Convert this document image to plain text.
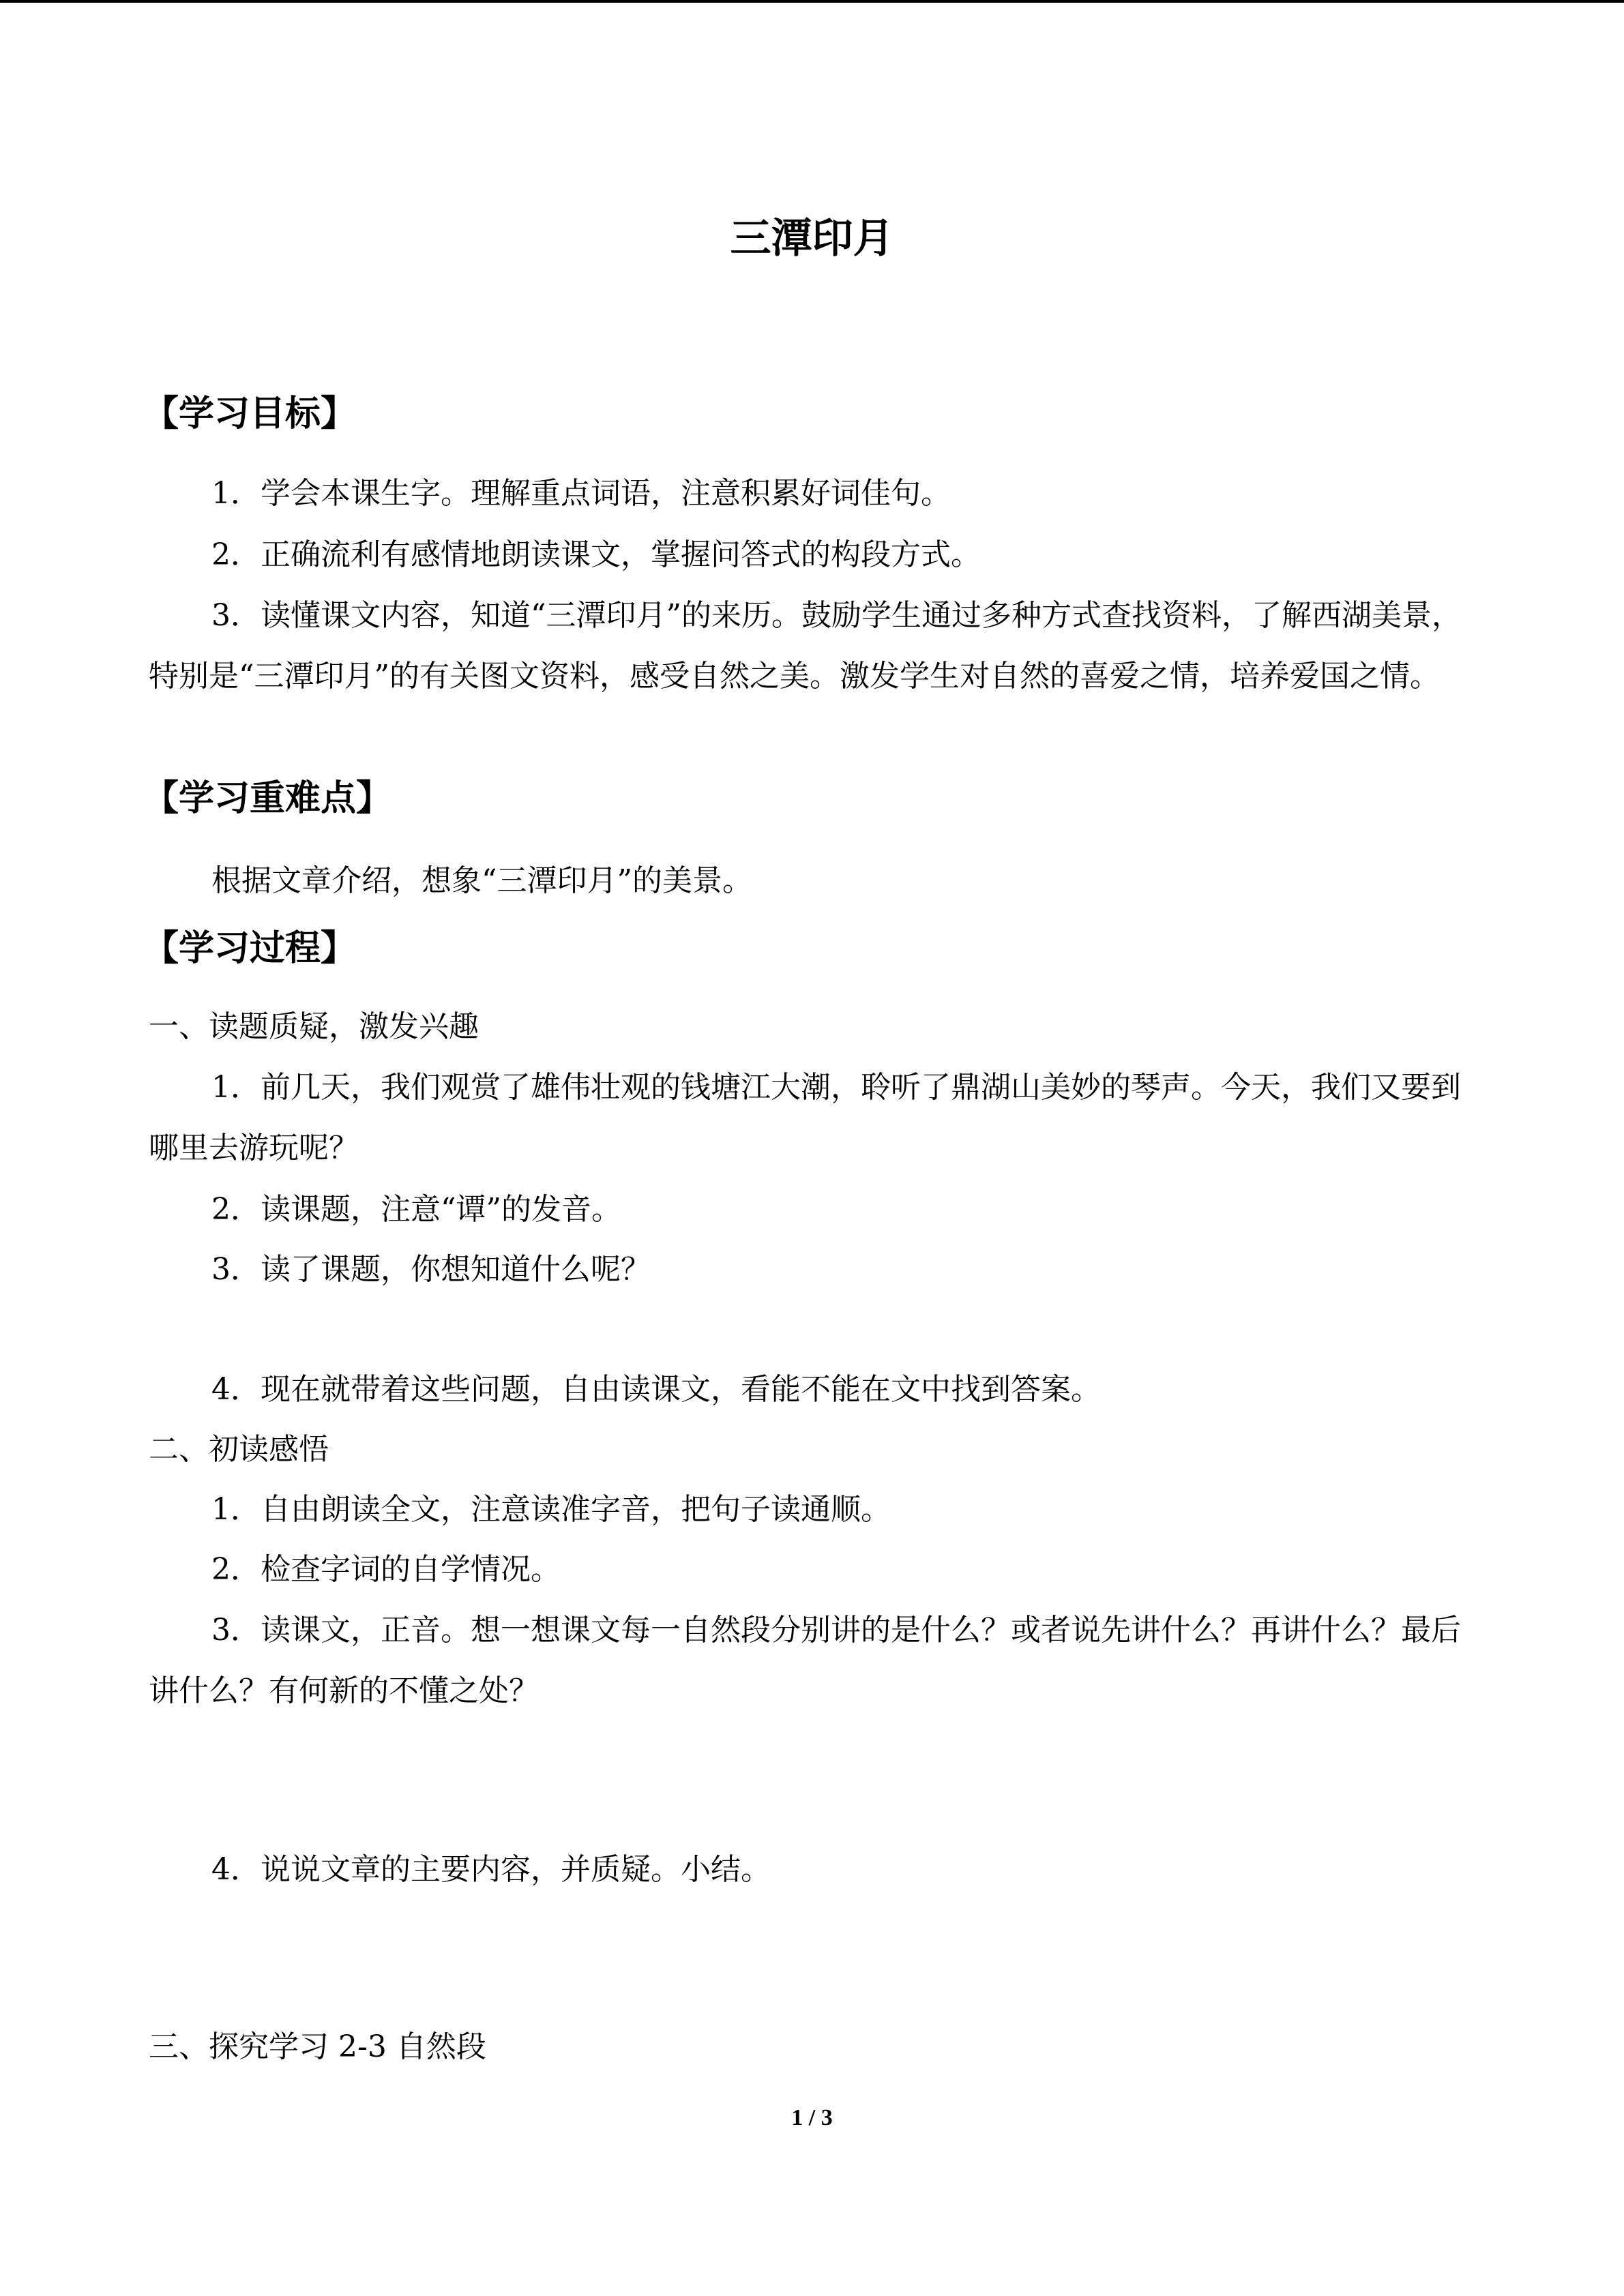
三潭印月
【学习目标】
1．学会本课生字。理解重点词语，注意积累好词佳句。
2．正确流利有感情地朗读课文，掌握问答式的构段方式。

3．读懂课文内容，知道“三潭印月”的来历。鼓励学生通过多种方式查找资料，了解西湖美景，特别是“三潭印月”的有关图文资料，感受自然之美。激发学生对自然的喜爱之情，培养爱国之情。

【学习重难点】
根据文章介绍，想象“三潭印月”的美景。
【学习过程】
一、读题质疑，激发兴趣

1．前几天，我们观赏了雄伟壮观的钱塘江大潮，聆听了鼎湖山美妙的琴声。今天，我们又要到哪里去游玩呢？

2．读课题，注意“谭”的发音。
3．读了课题，你想知道什么呢？
4．现在就带着这些问题，自由读课文，看能不能在文中找到答案。
二、初读感悟
1．自由朗读全文，注意读准字音，把句子读通顺。
2．检查字词的自学情况。

3．读课文，正音。想一想课文每一自然段分别讲的是什么？或者说先讲什么？再讲什么？最后讲什么？有何新的不懂之处？

4．说说文章的主要内容，并质疑。小结。
三、探究学习 2-3 自然段
1 / 3
